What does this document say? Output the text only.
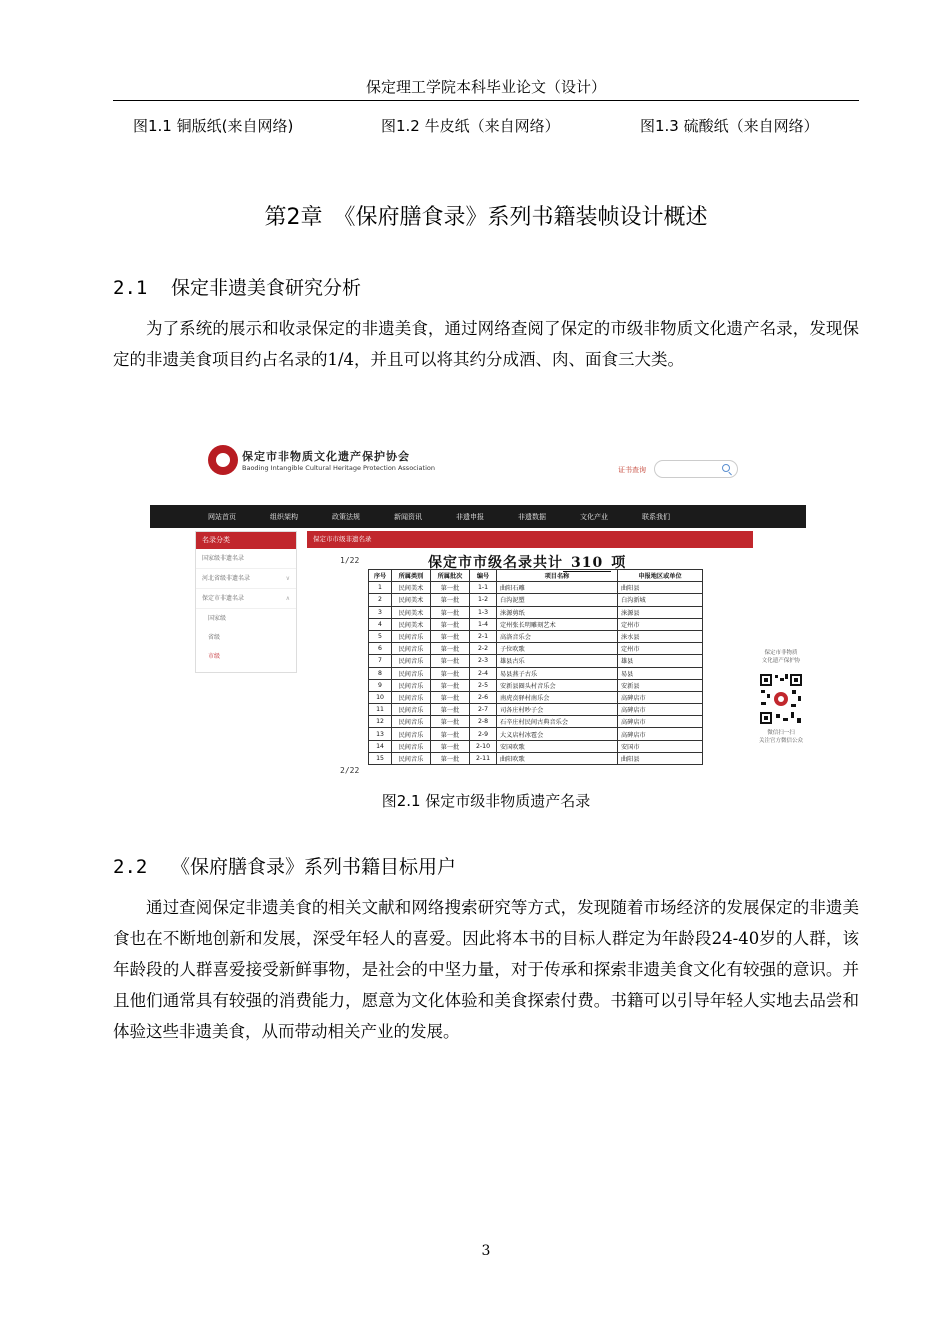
保定理工学院本科毕业论文（设计）
图1.1 铜版纸(来自网络)	图1.2 牛皮纸（来自网络）	图1.3 硫酸纸（来自网络）
第2章　《保府膳食录》系列书籍装帧设计概述
2.1 保定非遗美食研究分析

为了系统的展示和收录保定的非遗美食，通过网络查阅了保定的市级非物质文化遗产名录，发现保定的非遗美食项目约占名录的1/4，并且可以将其约分成酒、肉、面食三大类。

保定市非物质文化遗产保护协会
Baoding Intangible Cultural Heritage Protection Association	证书查询
网站首页	组织架构	政策法规	新闻资讯	非遗申报	非遗数据	文化产业	联系我们
名录分类
国家级非遗名录
河北省级非遗名录	∨
保定市非遗名录	∧
国家级
省级
市级
保定市市级非遗名录
1/22
2/22
保定市市级名录共计 310 项
序号	所属类别	所属批次	编号	项目名称	申报地区或单位
1	民间美术	第一批	1-1	曲阳石雕	曲阳县
2	民间美术	第一批	1-2	白沟泥塑	白沟新城
3	民间美术	第一批	1-3	涞源剪纸	涞源县
4	民间美术	第一批	1-4	定州张长明雕刻艺术	定州市
5	民间音乐	第一批	2-1	高洛音乐会	涞水县
6	民间音乐	第一批	2-2	子位吹歌	定州市
7	民间音乐	第一批	2-3	雄县古乐	雄县
8	民间音乐	第一批	2-4	易县燕子古乐	易县
9	民间音乐	第一批	2-5	安新县圈头村音乐会	安新县
10	民间音乐	第一批	2-6	南虎贲驿村南乐会	高碑店市
11	民间音乐	第一批	2-7	司各庄村吵子会	高碑店市
12	民间音乐	第一批	2-8	石辛庄村民间古典音乐会	高碑店市
13	民间音乐	第一批	2-9	大义店村冰雹会	高碑店市
14	民间音乐	第一批	2-10	安国吹歌	安国市
15	民间音乐	第一批	2-11	曲阳吹歌	曲阳县
保定市非物质
文化遗产保护协
微信扫一扫
关注官方微信公众
图2.1 保定市级非物质遗产名录
2.2 《保府膳食录》系列书籍目标用户

通过查阅保定非遗美食的相关文献和网络搜索研究等方式，发现随着市场经济的发展保定的非遗美食也在不断地创新和发展，深受年轻人的喜爱。因此将本书的目标人群定为年龄段24-40岁的人群，该年龄段的人群喜爱接受新鲜事物，是社会的中坚力量，对于传承和探索非遗美食文化有较强的意识。并且他们通常具有较强的消费能力，愿意为文化体验和美食探索付费。书籍可以引导年轻人实地去品尝和体验这些非遗美食，从而带动相关产业的发展。

3
